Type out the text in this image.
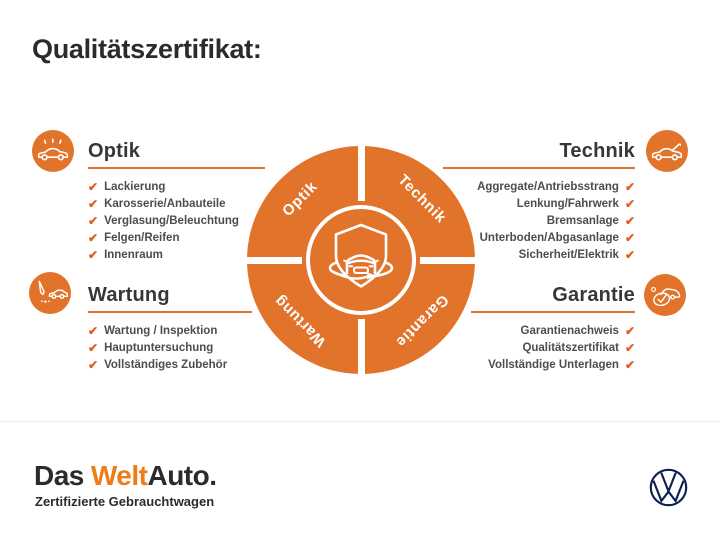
Qualitätszertifikat:
Optik
✔ Lackierung
✔ Karosserie/Anbauteile
✔ Verglasung/Beleuchtung
✔ Felgen/Reifen
✔ Innenraum
Technik
✔
Aggregate/Antriebsstrang
✔
Lenkung/Fahrwerk
✔
Bremsanlage
✔
Unterboden/Abgasanlage
✔
Sicherheit/Elektrik
Wartung
✔ Wartung / Inspektion
✔ Hauptuntersuchung
✔ Vollständiges Zubehör
Garantie
✔
Garantienachweis
✔
Qualitätszertifikat
✔
Vollständige Unterlagen
Optik	Technik
Wartung	Garantie
Das WeltAuto.
Zertifizierte Gebrauchtwagen
